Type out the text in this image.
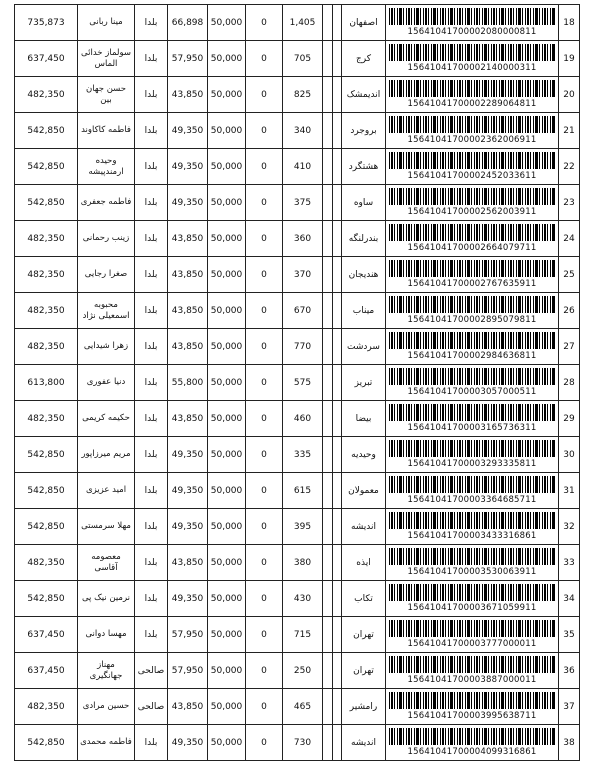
735,873	مینا ربانی	بلدا	66,898	50,000	0	1,405			اصفهان	15641041700002080000811	18
637,450	سولماز خدائی الماس	بلدا	57,950	50,000	0	705			کرج	15641041700002140000311	19
482,350	حسن جهان بین	بلدا	43,850	50,000	0	825			اندیمشک	15641041700002289064811	20
542,850	فاطمه کاکاوند	بلدا	49,350	50,000	0	340			بروجرد	15641041700002362006911	21
542,850	وحیده ارمندپیشه	بلدا	49,350	50,000	0	410			هشتگرد	15641041700002452033611	22
542,850	فاطمه جعفری	بلدا	49,350	50,000	0	375			ساوه	15641041700002562003911	23
482,350	زینب رحمانی	بلدا	43,850	50,000	0	360			بندرلنگه	15641041700002664079711	24
482,350	صغرا رجایی	بلدا	43,850	50,000	0	370			هندیجان	15641041700002767635911	25
482,350	محبوبه اسمعیلی نژاد	بلدا	43,850	50,000	0	670			میناب	15641041700002895079811	26
482,350	زهرا شیدایی	بلدا	43,850	50,000	0	770			سردشت	15641041700002984636811	27
613,800	دنیا عفوری	بلدا	55,800	50,000	0	575			تبریز	15641041700003057000511	28
482,350	حکیمه کریمی	بلدا	43,850	50,000	0	460			بیضا	15641041700003165736311	29
542,850	مریم میرزاپور	بلدا	49,350	50,000	0	335			وحیدیه	15641041700003293335811	30
542,850	امید عزیزی	بلدا	49,350	50,000	0	615			معمولان	15641041700003364685711	31
542,850	مهلا سرمستی	بلدا	49,350	50,000	0	395			اندیشه	15641041700003433316861	32
482,350	معصومه آقاسی	بلدا	43,850	50,000	0	380			ایذه	15641041700003530063911	33
542,850	نرمین نیک پی	بلدا	49,350	50,000	0	430			تکاب	15641041700003671059911	34
637,450	مهسا دوانی	بلدا	57,950	50,000	0	715			تهران	15641041700003777000011	35
637,450	مهناز جهانگیری	صالحی	57,950	50,000	0	250			تهران	15641041700003887000011	36
482,350	حسین مرادی	صالحی	43,850	50,000	0	465			رامشیر	15641041700003995638711	37
542,850	فاطمه محمدی	بلدا	49,350	50,000	0	730			اندیشه	15641041700004099316861	38
